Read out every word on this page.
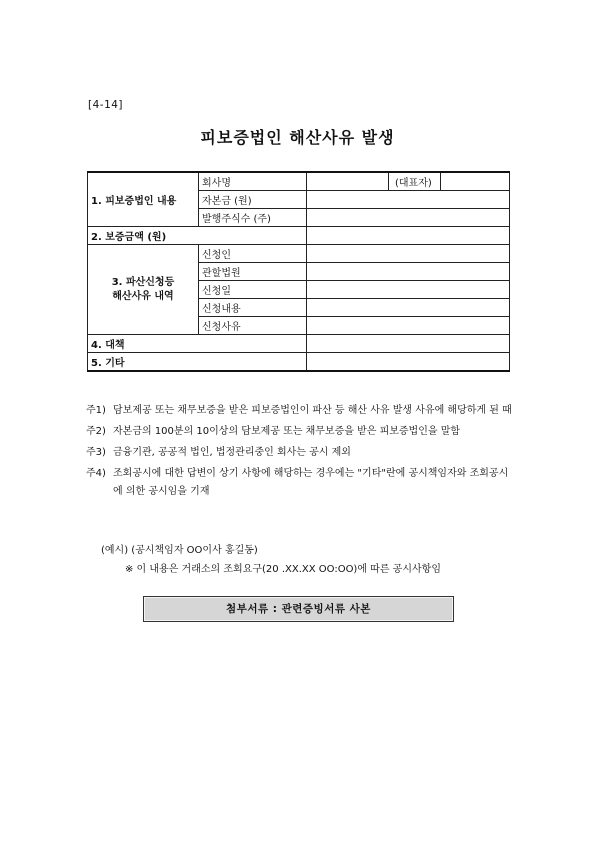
[4-14]
피보증법인 해산사유 발생
1. 피보증법인 내용	회사명		(대표자)	
	자본금 (원)			
	발행주식수 (주)			
2. 보증금액 (원)				

3. 파산신청등
해산사유 내역	신청인			
	관할법원			
	신청일			
	신청내용			
	신청사유			
4. 대책				
5. 기타				
주1) 담보제공 또는 채무보증을 받은 피보증법인이 파산 등 해산 사유 발생 사유에 해당하게 된 때
주2) 자본금의 100분의 10이상의 담보제공 또는 채무보증을 받은 피보증법인을 말함
주3) 금융기관, 공공적 법인, 법정관리중인 회사는 공시 제외
주4) 조회공시에 대한 답변이 상기 사항에 해당하는 경우에는 "기타"란에 공시책임자와 조회공시에 의한 공시임을 기재
(예시) (공시책임자 OO이사 홍길동)
※ 이 내용은 거래소의 조회요구(20 .XX.XX OO:OO)에 따른 공시사항임
첨부서류 : 관련증빙서류 사본
